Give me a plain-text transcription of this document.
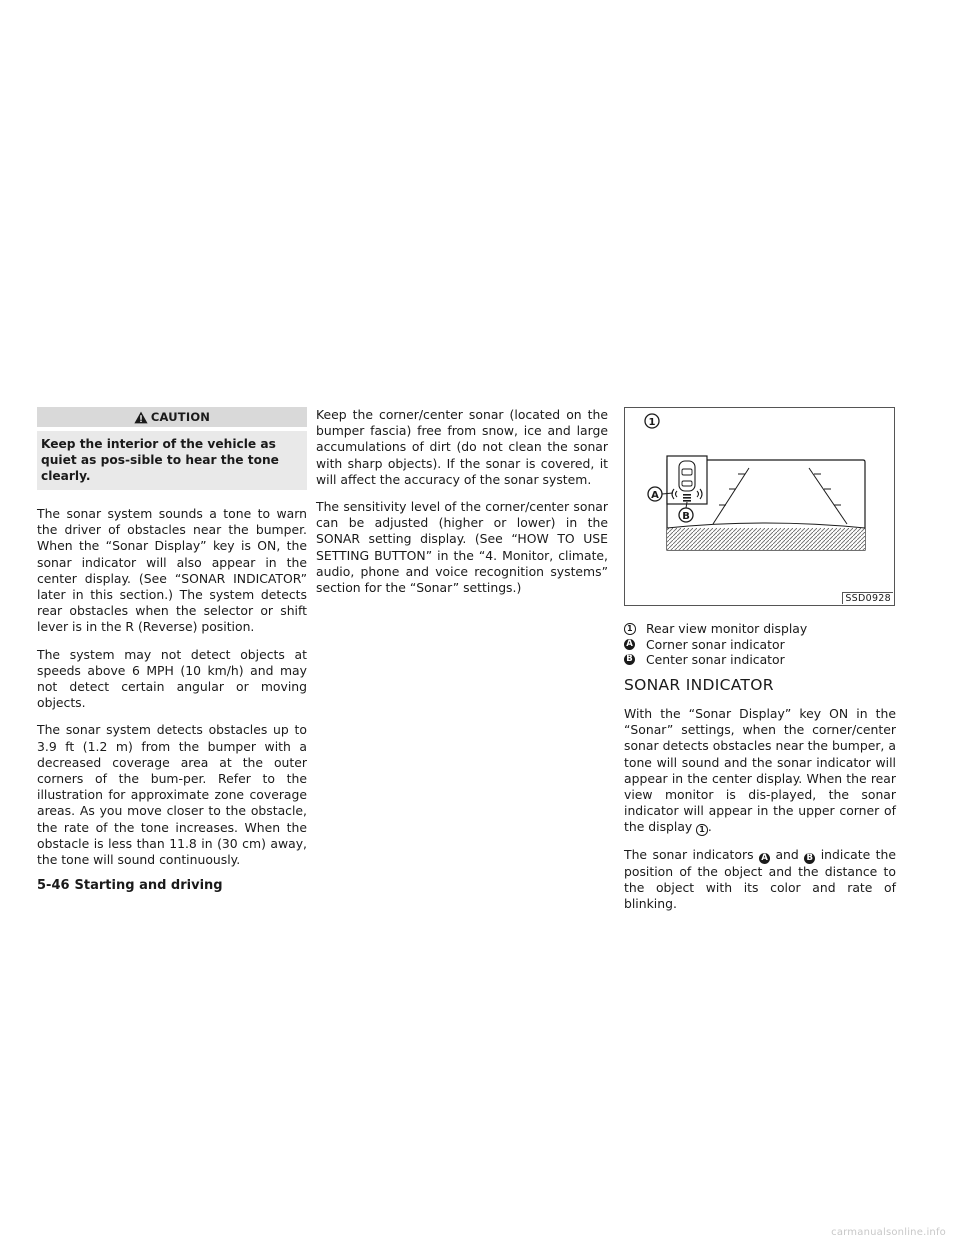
CAUTION
Keep the interior of the vehicle as quiet as pos-sible to hear the tone clearly.

The sonar system sounds a tone to warn the driver of obstacles near the bumper. When the “Sonar Display” key is ON, the sonar indicator will also appear in the center display. (See “SONAR INDICATOR” later in this section.) The system detects rear obstacles when the selector or shift lever is in the R (Reverse) position.

The system may not detect objects at speeds above 6 MPH (10 km/h) and may not detect certain angular or moving objects.

The sonar system detects obstacles up to 3.9 ft (1.2 m) from the bumper with a decreased coverage area at the outer corners of the bum-per. Refer to the illustration for approximate zone coverage areas. As you move closer to the obstacle, the rate of the tone increases. When the obstacle is less than 11.8 in (30 cm) away, the tone will sound continuously.

Keep the corner/center sonar (located on the bumper fascia) free from snow, ice and large accumulations of dirt (do not clean the sonar with sharp objects). If the sonar is covered, it will affect the accuracy of the sonar system.

The sensitivity level of the corner/center sonar can be adjusted (higher or lower) in the SONAR setting display. (See “HOW TO USE SETTING BUTTON” in the “4. Monitor, climate, audio, phone and voice recognition systems” section for the “Sonar” settings.)

1
A
B
SSD0928
1 Rear view monitor display
A Corner sonar indicator
B Center sonar indicator
SONAR INDICATOR

With the “Sonar Display” key ON in the “Sonar” settings, when the corner/center sonar detects obstacles near the bumper, a tone will sound and the sonar indicator will appear in the center display. When the rear view monitor is dis-played, the sonar indicator will appear in the upper corner of the display 1 .

The sonar indicators A and B indicate the position of the object and the distance to the object with its color and rate of blinking.

5-46 Starting and driving
carmanualsonline.info
